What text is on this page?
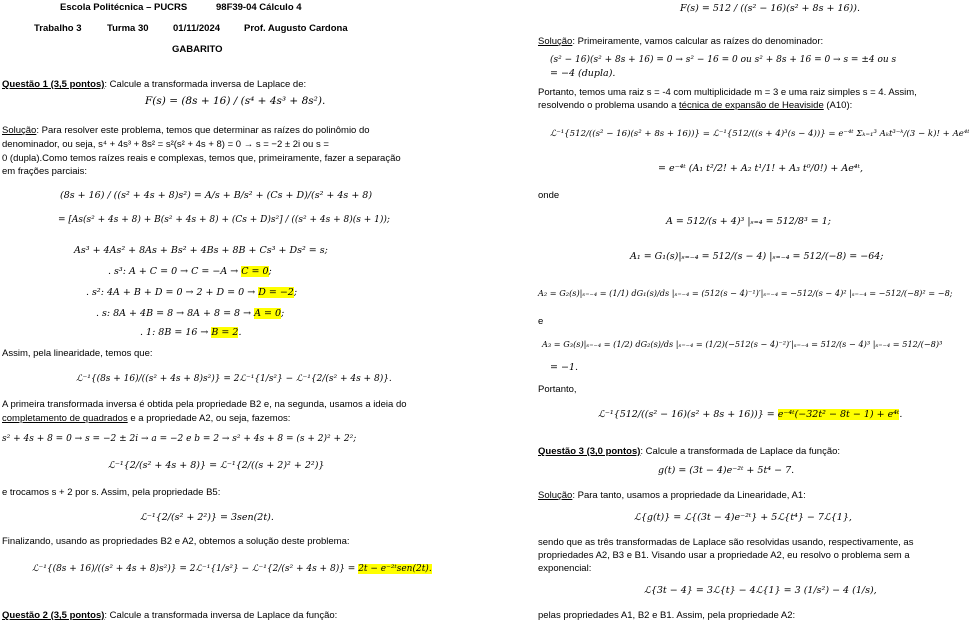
Escola Politécnica – PUCRS	98F39-04 Cálculo 4
Trabalho 3	Turma 30	01/11/2024	Prof. Augusto Cardona
GABARITO
Questão 1 (3,5 pontos): Calcule a transformada inversa de Laplace de:
F(s) = (8s + 16) / (s⁴ + 4s³ + 8s²).
Solução: Para resolver este problema, temos que determinar as raízes do polinômio do
denominador, ou seja, s⁴ + 4s³ + 8s² = s²(s² + 4s + 8) = 0 → s = −2 ± 2i ou s =
0 (dupla).Como temos raízes reais e complexas, temos que, primeiramente, fazer a separação
em frações parciais:
(8s + 16) / ((s² + 4s + 8)s²) = A/s + B/s² + (Cs + D)/(s² + 4s + 8)
= [As(s² + 4s + 8) + B(s² + 4s + 8) + (Cs + D)s²] / ((s² + 4s + 8)(s + 1));
As³ + 4As² + 8As + Bs² + 4Bs + 8B + Cs³ + Ds² = s;
. s³: A + C = 0 → C = −A → C = 0;
. s²: 4A + B + D = 0 → 2 + D = 0 → D = −2;
. s: 8A + 4B = 8 → 8A + 8 = 8 → A = 0;
. 1: 8B = 16 → B = 2.
Assim, pela linearidade, temos que:
ℒ⁻¹{(8s + 16)/((s² + 4s + 8)s²)} = 2ℒ⁻¹{1/s²} − ℒ⁻¹{2/(s² + 4s + 8)}.
A primeira transformada inversa é obtida pela propriedade B2 e, na segunda, usamos a ideia do
completamento de quadrados e a propriedade A2, ou seja, fazemos:
s² + 4s + 8 = 0 → s = −2 ± 2i → a = −2 e b = 2 → s² + 4s + 8 = (s + 2)² + 2²;
ℒ⁻¹{2/(s² + 4s + 8)} = ℒ⁻¹{2/((s + 2)² + 2²)}
e trocamos s + 2 por s. Assim, pela propriedade B5:
ℒ⁻¹{2/(s² + 2²)} = 3sen(2t).
Finalizando, usando as propriedades B2 e A2, obtemos a solução deste problema:
ℒ⁻¹{(8s + 16)/((s² + 4s + 8)s²)} = 2ℒ⁻¹{1/s²} − ℒ⁻¹{2/(s² + 4s + 8)} = 2t − e⁻²ᵗsen(2t).
Questão 2 (3,5 pontos): Calcule a transformada inversa de Laplace da função:
F(s) = 512 / ((s² − 16)(s² + 8s + 16)).
Solução: Primeiramente, vamos calcular as raízes do denominador:
(s² − 16)(s² + 8s + 16) = 0 → s² − 16 = 0 ou s² + 8s + 16 = 0 → s = ±4 ou s
= −4 (dupla).
Portanto, temos uma raiz s = -4 com multiplicidade m = 3 e uma raiz simples s = 4. Assim,
resolvendo o problema usando a técnica de expansão de Heaviside (A10):
ℒ⁻¹{512/((s² − 16)(s² + 8s + 16))} = ℒ⁻¹{512/((s + 4)³(s − 4))} = e⁻⁴ᵗ Σₖ₌₁³ Aₖt³⁻ᵏ/(3 − k)! + Ae⁴ᵗ
= e⁻⁴ᵗ (A₁ t²/2! + A₂ t¹/1! + A₃ t⁰/0!) + Ae⁴ᵗ,
onde
A = 512/(s + 4)³ |ₛ₌₄ = 512/8³ = 1;
A₁ = G₁(s)|ₛ₌₋₄ = 512/(s − 4) |ₛ₌₋₄ = 512/(−8) = −64;
A₂ = G₂(s)|ₛ₌₋₄ = (1/1) dG₁(s)/ds |ₛ₌₋₄ = (512(s − 4)⁻¹)′|ₛ₌₋₄ = −512/(s − 4)² |ₛ₌₋₄ = −512/(−8)² = −8;
e
A₃ = G₃(s)|ₛ₌₋₄ = (1/2) dG₂(s)/ds |ₛ₌₋₄ = (1/2)(−512(s − 4)⁻²)′|ₛ₌₋₄ = 512/(s − 4)³ |ₛ₌₋₄ = 512/(−8)³
= −1.
Portanto,
ℒ⁻¹{512/((s² − 16)(s² + 8s + 16))} = e⁻⁴ᵗ(−32t² − 8t − 1) + e⁴ᵗ.
Questão 3 (3,0 pontos): Calcule a transformada de Laplace da função:
g(t) = (3t − 4)e⁻²ᵗ + 5t⁴ − 7.
Solução: Para tanto, usamos a propriedade da Linearidade, A1:
ℒ{g(t)} = ℒ{(3t − 4)e⁻²ᵗ} + 5ℒ{t⁴} − 7ℒ{1},
sendo que as três transformadas de Laplace são resolvidas usando, respectivamente, as
propriedades A2, B3 e B1. Visando usar a propriedade A2, eu resolvo o problema sem a
exponencial:
ℒ{3t − 4} = 3ℒ{t} − 4ℒ{1} = 3 (1/s²) − 4 (1/s),
pelas propriedades A1, B2 e B1. Assim, pela propriedade A2:
